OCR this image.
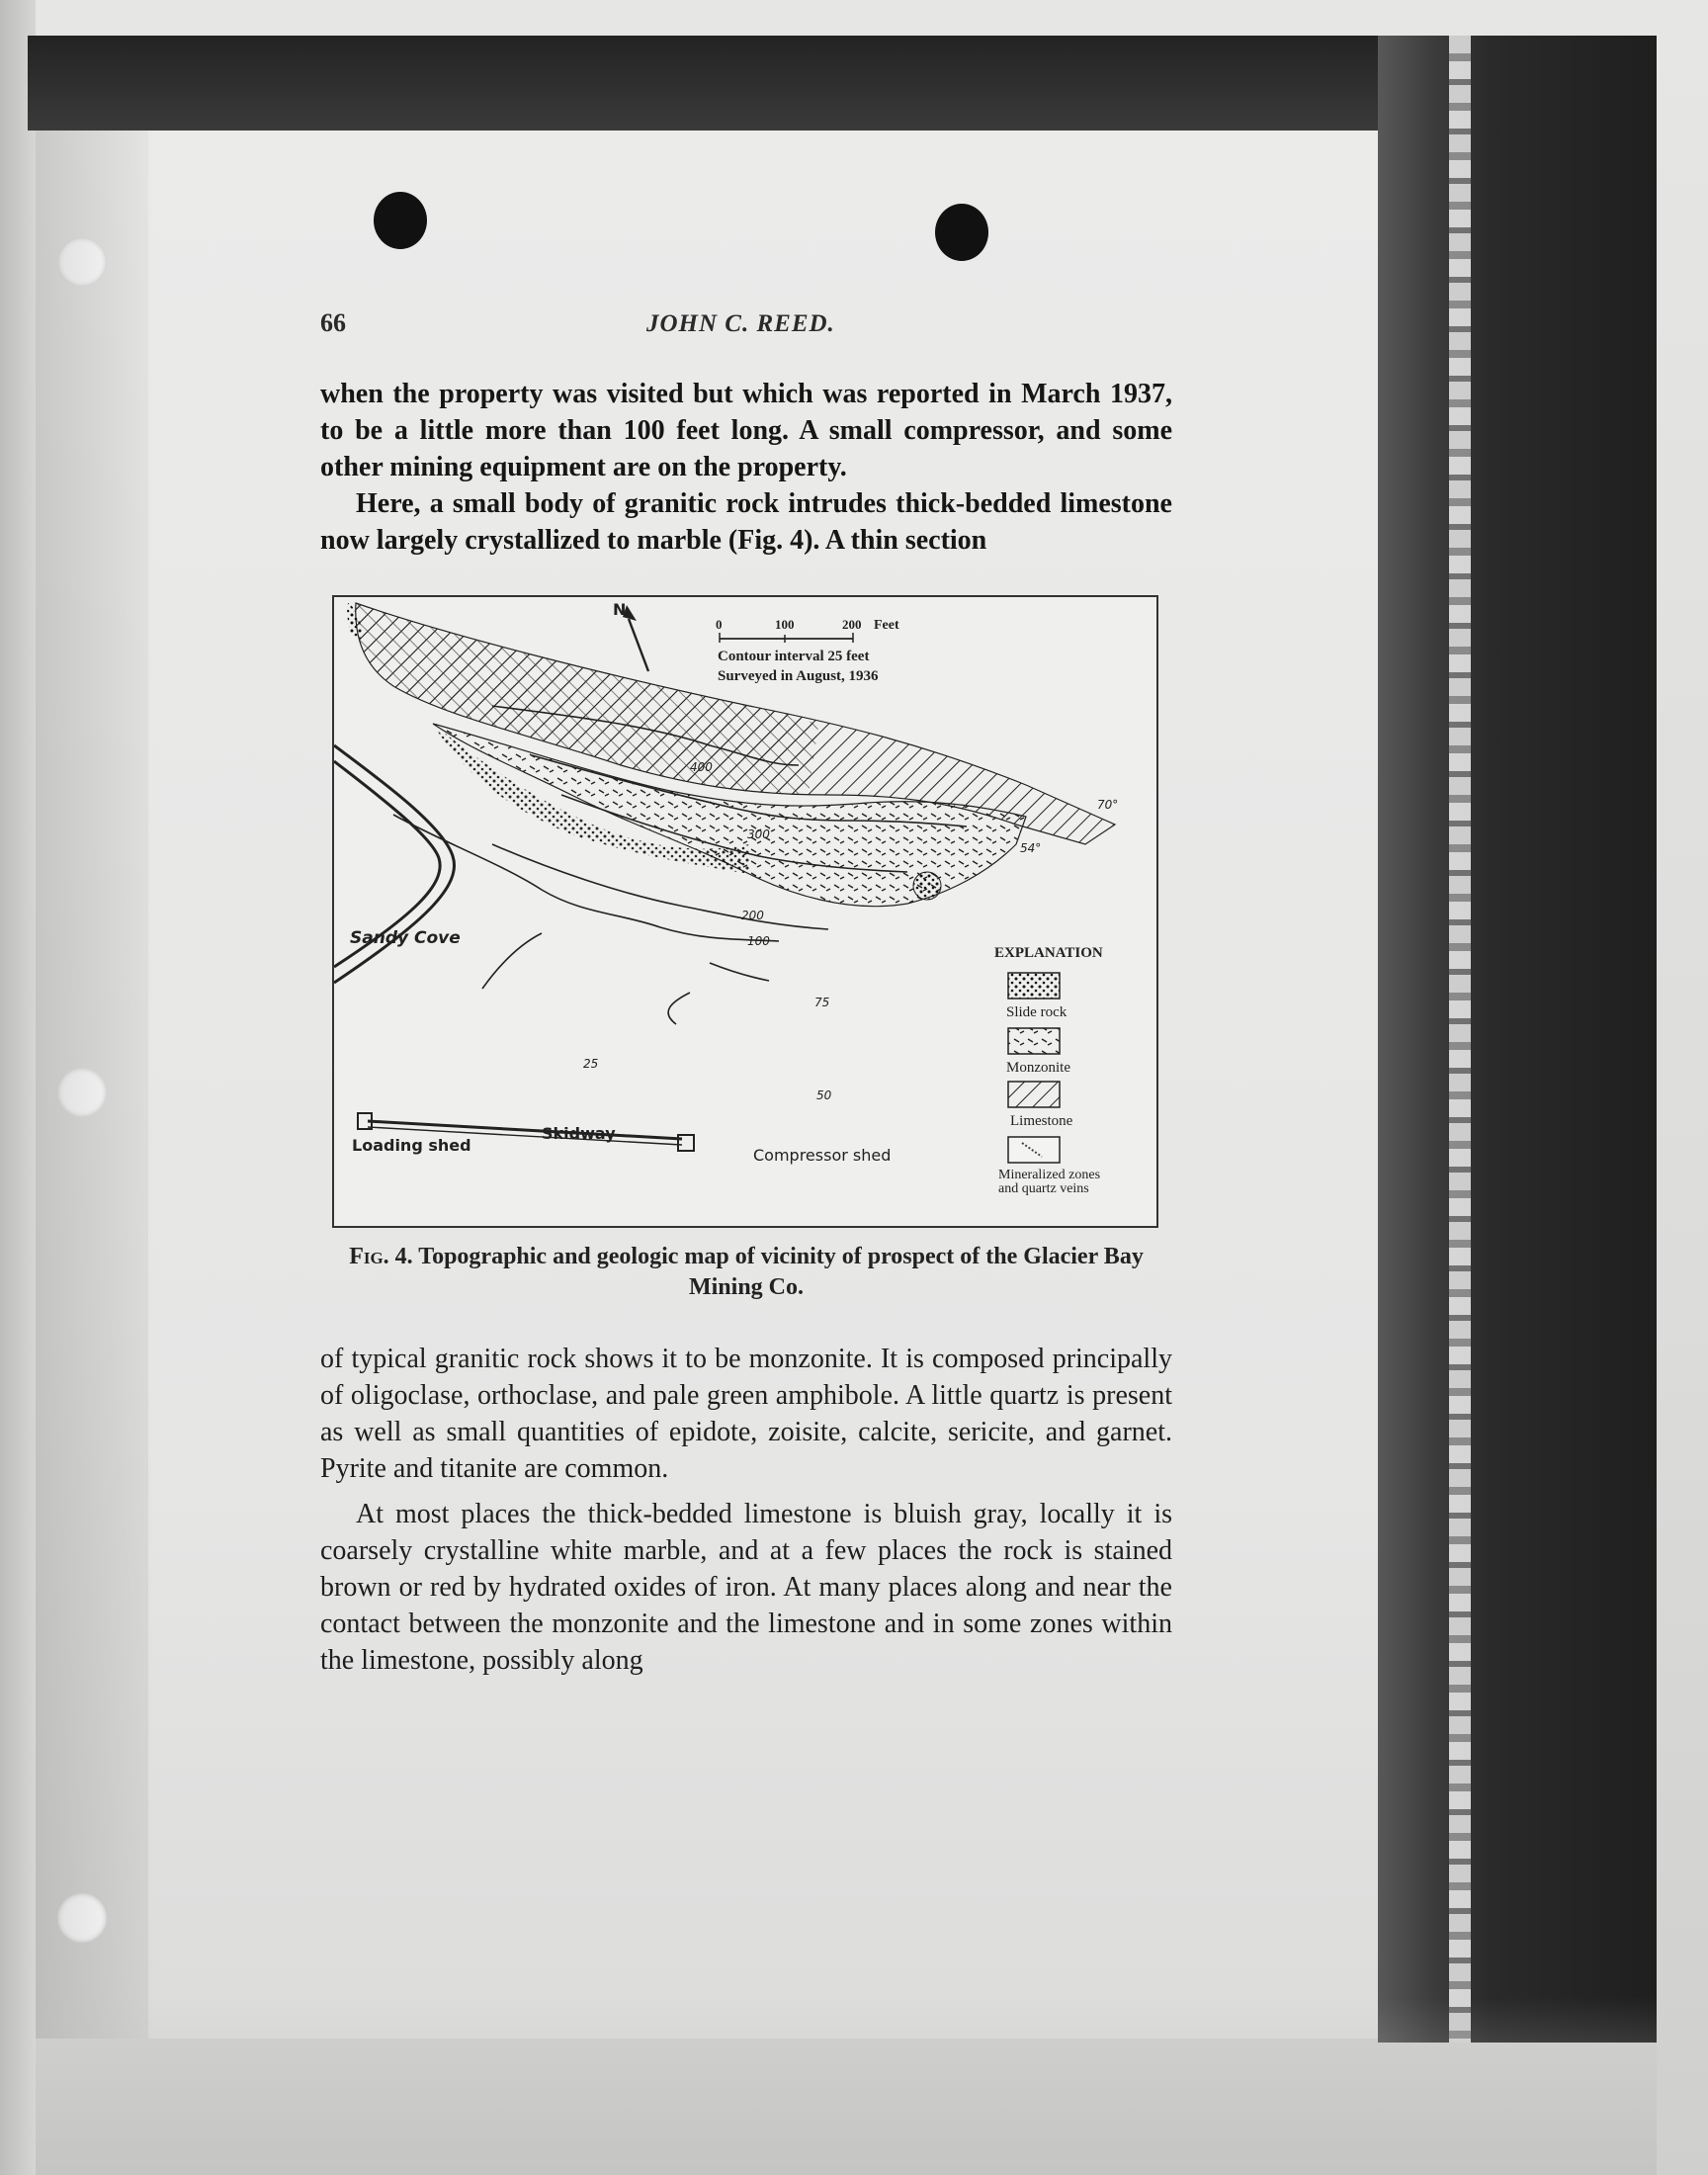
66	JOHN C. REED.

when the property was visited but which was reported in March 1937, to be a little more than 100 feet long. A small compressor, and some other mining equipment are on the property.

Here, a small body of granitic rock intrudes thick-bedded limestone now largely crystallized to marble (Fig. 4). A thin section

N
0	100	200 Feet
Contour interval 25 feet
Surveyed in August, 1936
400
300
200
100
75
50
25
70°
54°
Sandy Cove
Loading shed
Skidway
Compressor shed
EXPLANATION
Slide rock
Monzonite
Limestone
Mineralized zones and quartz veins
Fig. 4. Topographic and geologic map of vicinity of prospect of the Glacier Bay Mining Co.

of typical granitic rock shows it to be monzonite. It is composed principally of oligoclase, orthoclase, and pale green amphibole. A little quartz is present as well as small quantities of epidote, zoisite, calcite, sericite, and garnet. Pyrite and titanite are common.

At most places the thick-bedded limestone is bluish gray, locally it is coarsely crystalline white marble, and at a few places the rock is stained brown or red by hydrated oxides of iron. At many places along and near the contact between the monzonite and the limestone and in some zones within the limestone, possibly along
